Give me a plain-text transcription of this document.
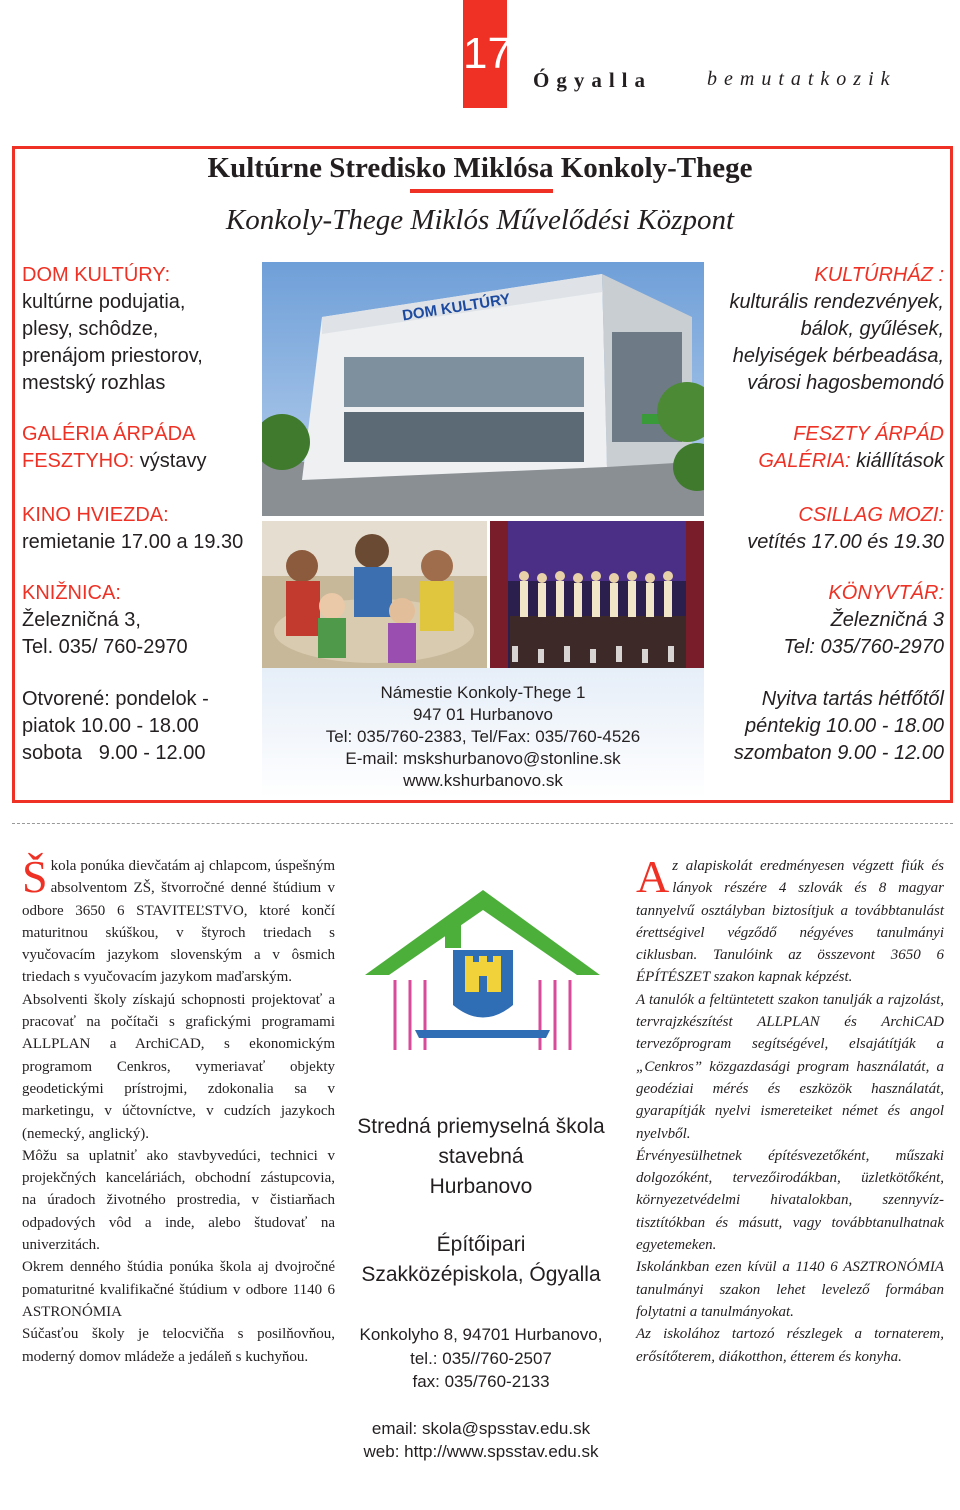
17
Ógyalla	bemutatkozik
Kultúrne Stredisko Miklósa Konkoly-Thege
Konkoly-Thege Miklós Művelődési Központ
DOM KULTÚRY:
kultúrne podujatia,
plesy, schôdze,
prenájom priestorov,
mestský rozhlas
GALÉRIA ÁRPÁDA
FESZTYHO: výstavy
KINO HVIEZDA:
remietanie 17.00 a 19.30
KNIŽNICA:
Železničná 3,
Tel. 035/ 760-2970
Otvorené: pondelok -
piatok 10.00 - 18.00
sobota   9.00 - 12.00
KULTÚRHÁZ :
kulturális rendezvények,
bálok, gyűlések,
helyiségek bérbeadása,
városi hagosbemondó
FESZTY ÁRPÁD
GALÉRIA: kiállítások
CSILLAG MOZI:
vetítés 17.00 és 19.30
KÖNYVTÁR:
Železničná 3
Tel: 035/760-2970
Nyitva tartás hétfőtől
péntekig 10.00 - 18.00
szombaton 9.00 - 12.00
DOM KULTÚRY
Námestie Konkoly-Thege 1
947 01 Hurbanovo
Tel: 035/760-2383, Tel/Fax: 035/760-4526
E-mail: mskshurbanovo@stonline.sk
www.kshurbanovo.sk

Škola ponúka dievčatám aj chlapcom, úspešným absolventom ZŠ, štvorročné denné štúdium v odbore 3650 6 STAVITEĽSTVO, ktoré končí maturitnou skúškou, v štyroch triedach s vyučovacím jazykom slovenským a v ôsmich triedach s vyučovacím jazykom maďarským.

Absolventi školy získajú schopnosti projektovať a pracovať na počítači s grafickými programami ALLPLAN a ArchiCAD, s ekonomickým programom Cenkros, vymeriavať objekty geodetickými prístrojmi, zdokonalia sa v marketingu, v účtovníctve, v cudzích jazykoch (nemecký, anglický).

Môžu sa uplatniť ako stavbyvedúci, technici v projekčných kanceláriách, obchodní zástupcovia, na úradoch životného prostredia, v čistiarňach odpadových vôd a inde, alebo študovať na univerzitách.

Okrem denného štúdia ponúka škola aj dvojročné pomaturitné kvalifikačné štúdium v odbore 1140 6 ASTRONÓMIA

Súčasťou školy je telocvičňa s posilňovňou, moderný domov mládeže a jedáleň s kuchyňou.

Az alapiskolát eredményesen végzett fiúk és lányok részére 4 szlovák és 8 magyar tannyelvű osztályban biztosítjuk a továbbtanulást érettségivel végződő négyéves tanulmányi ciklusban. Tanulóink az összevont 3650 6 ÉPÍTÉSZET szakon kapnak képzést.

A tanulók a feltüntetett szakon tanulják a rajzolást, tervrajzkészítést ALLPLAN és ArchiCAD tervezőprogram segítségével, elsajátítják a „Cenkros” közgazdasági program használatát, a geodéziai mérés és eszközök használatát, gyarapítják nyelvi ismereteiket német és angol nyelvből.

Érvényesülhetnek építésvezetőként, műszaki dolgozóként, tervezőirodákban, üzletkötőként, környezetvédelmi hivatalokban, szennyvíz-tisztítókban és másutt, vagy továbbtanulhatnak egyetemeken.

Iskolánkban ezen kívül a 1140 6 ASZTRONÓMIA tanulmányi szakon lehet levelező formában folytatni a tanulmányokat.

Az iskolához tartozó részlegek a tornaterem, erősítőterem, diákotthon, étterem és konyha.

Stredná priemyselná škola
stavebná
Hurbanovo
Építőipari
Szakközépiskola, Ógyalla
Konkolyho 8, 94701 Hurbanovo,
tel.: 035//760-2507
fax: 035/760-2133
email: skola@spsstav.edu.sk
web: http://www.spsstav.edu.sk
